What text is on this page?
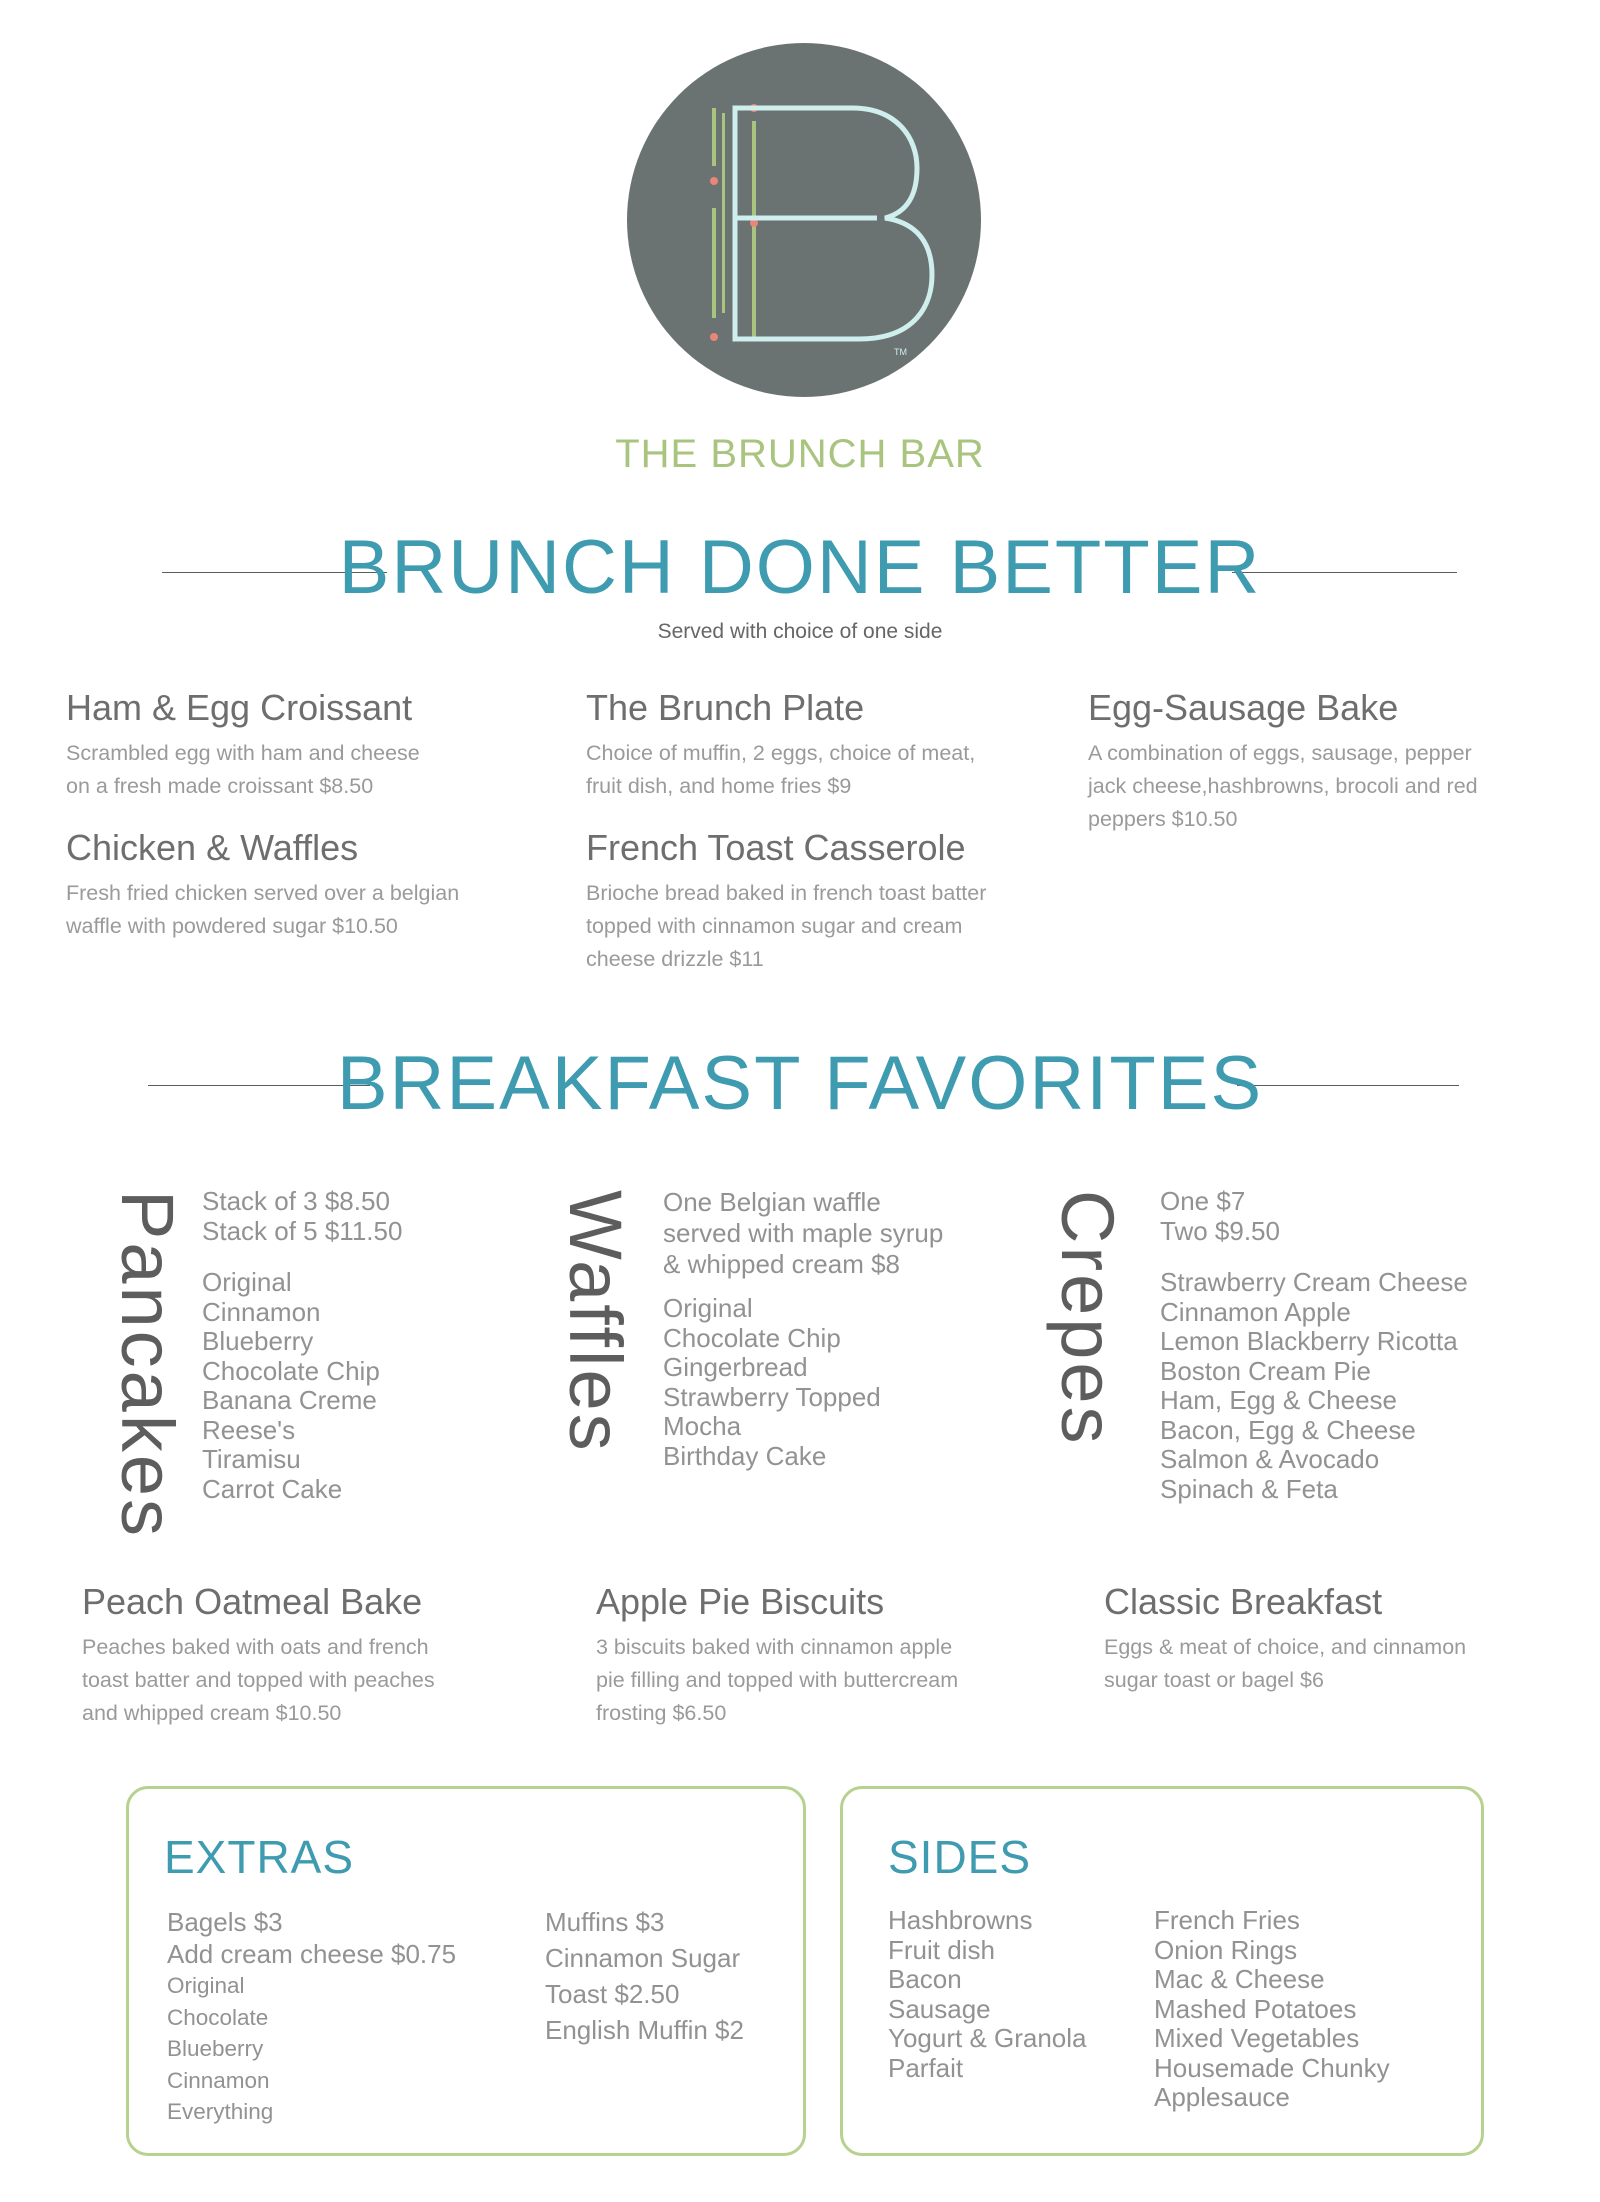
TM
THE BRUNCH BAR
BRUNCH DONE BETTER
Served with choice of one side
Ham & Egg Croissant
Scrambled egg with ham and cheese
on a fresh made croissant $8.50
Chicken & Waffles
Fresh fried chicken served over a belgian
waffle with powdered sugar $10.50
The Brunch Plate
Choice of muffin, 2 eggs, choice of meat,
fruit dish, and home fries $9
French Toast Casserole
Brioche bread baked in french toast batter
topped with cinnamon sugar and cream
cheese drizzle $11
Egg-Sausage Bake
A combination of eggs, sausage, pepper
jack cheese,hashbrowns, brocoli and red
peppers $10.50
BREAKFAST FAVORITES
Pancakes Stack of 3 $8.50
Stack of 5 $11.50
Original
Cinnamon
Blueberry
Chocolate Chip
Banana Creme
Reese's
Tiramisu
Carrot Cake
Waffles One Belgian waffle
served with maple syrup
& whipped cream $8
Original
Chocolate Chip
Gingerbread
Strawberry Topped
Mocha
Birthday Cake
Crepes One $7
Two $9.50
Strawberry Cream Cheese
Cinnamon Apple
Lemon Blackberry Ricotta
Boston Cream Pie
Ham, Egg & Cheese
Bacon, Egg & Cheese
Salmon & Avocado
Spinach & Feta
Peach Oatmeal Bake
Peaches baked with oats and french
toast batter and topped with peaches
and whipped cream $10.50
Apple Pie Biscuits
3 biscuits baked with cinnamon apple
pie filling and topped with buttercream
frosting $6.50
Classic Breakfast
Eggs & meat of choice, and cinnamon
sugar toast or bagel $6
EXTRAS
Bagels $3
Add cream cheese $0.75
Original
Chocolate
Blueberry
Cinnamon
Everything
Muffins $3
Cinnamon Sugar
Toast $2.50
English Muffin $2
SIDES
Hashbrowns
Fruit dish
Bacon
Sausage
Yogurt & Granola
Parfait
French Fries
Onion Rings
Mac & Cheese
Mashed Potatoes
Mixed Vegetables
Housemade Chunky
Applesauce
